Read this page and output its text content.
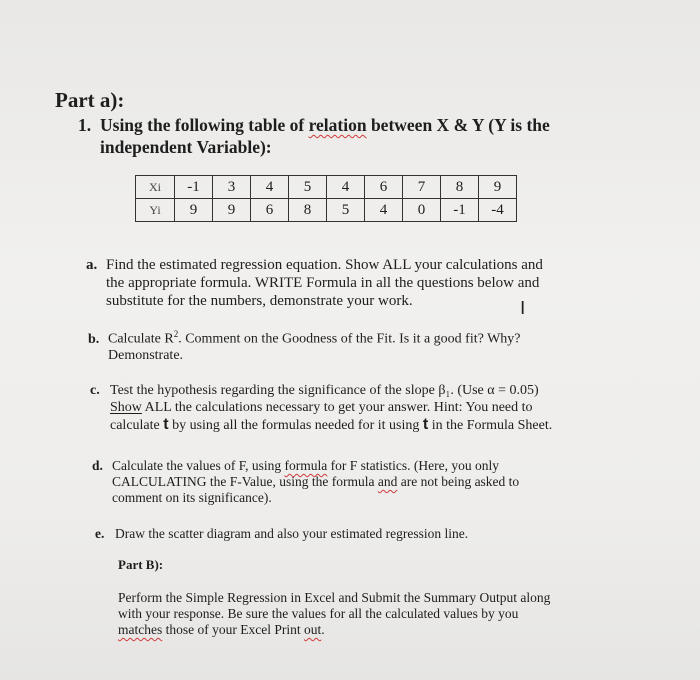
Part a):
1. Using the following table of relation between X & Y (Y is the
independent Variable):
Xi	-1	3	4	5	4	6	7	8	9
Yi	9	9	6	8	5	4	0	-1	-4
a. Find the estimated regression equation. Show ALL your calculations and
the appropriate formula. WRITE Formula in all the questions below and
substitute for the numbers, demonstrate your work.	I
b. Calculate $R^2$. Comment on the Goodness of the Fit. Is it a good fit? Why?
Demonstrate.
c. Test the hypothesis regarding the significance of the slope β₁. (Use α = 0.05)
Show ALL the calculations necessary to get your answer. Hint: You need to
calculate t by using all the formulas needed for it using t in the Formula Sheet.
d. Calculate the values of F, using formula for F statistics. (Here, you only
CALCULATING the F-Value, using the formula and are not being asked to
comment on its significance).
e. Draw the scatter diagram and also your estimated regression line.
Part B):
Perform the Simple Regression in Excel and Submit the Summary Output along
with your response. Be sure the values for all the calculated values by you
matches those of your Excel Print out.
